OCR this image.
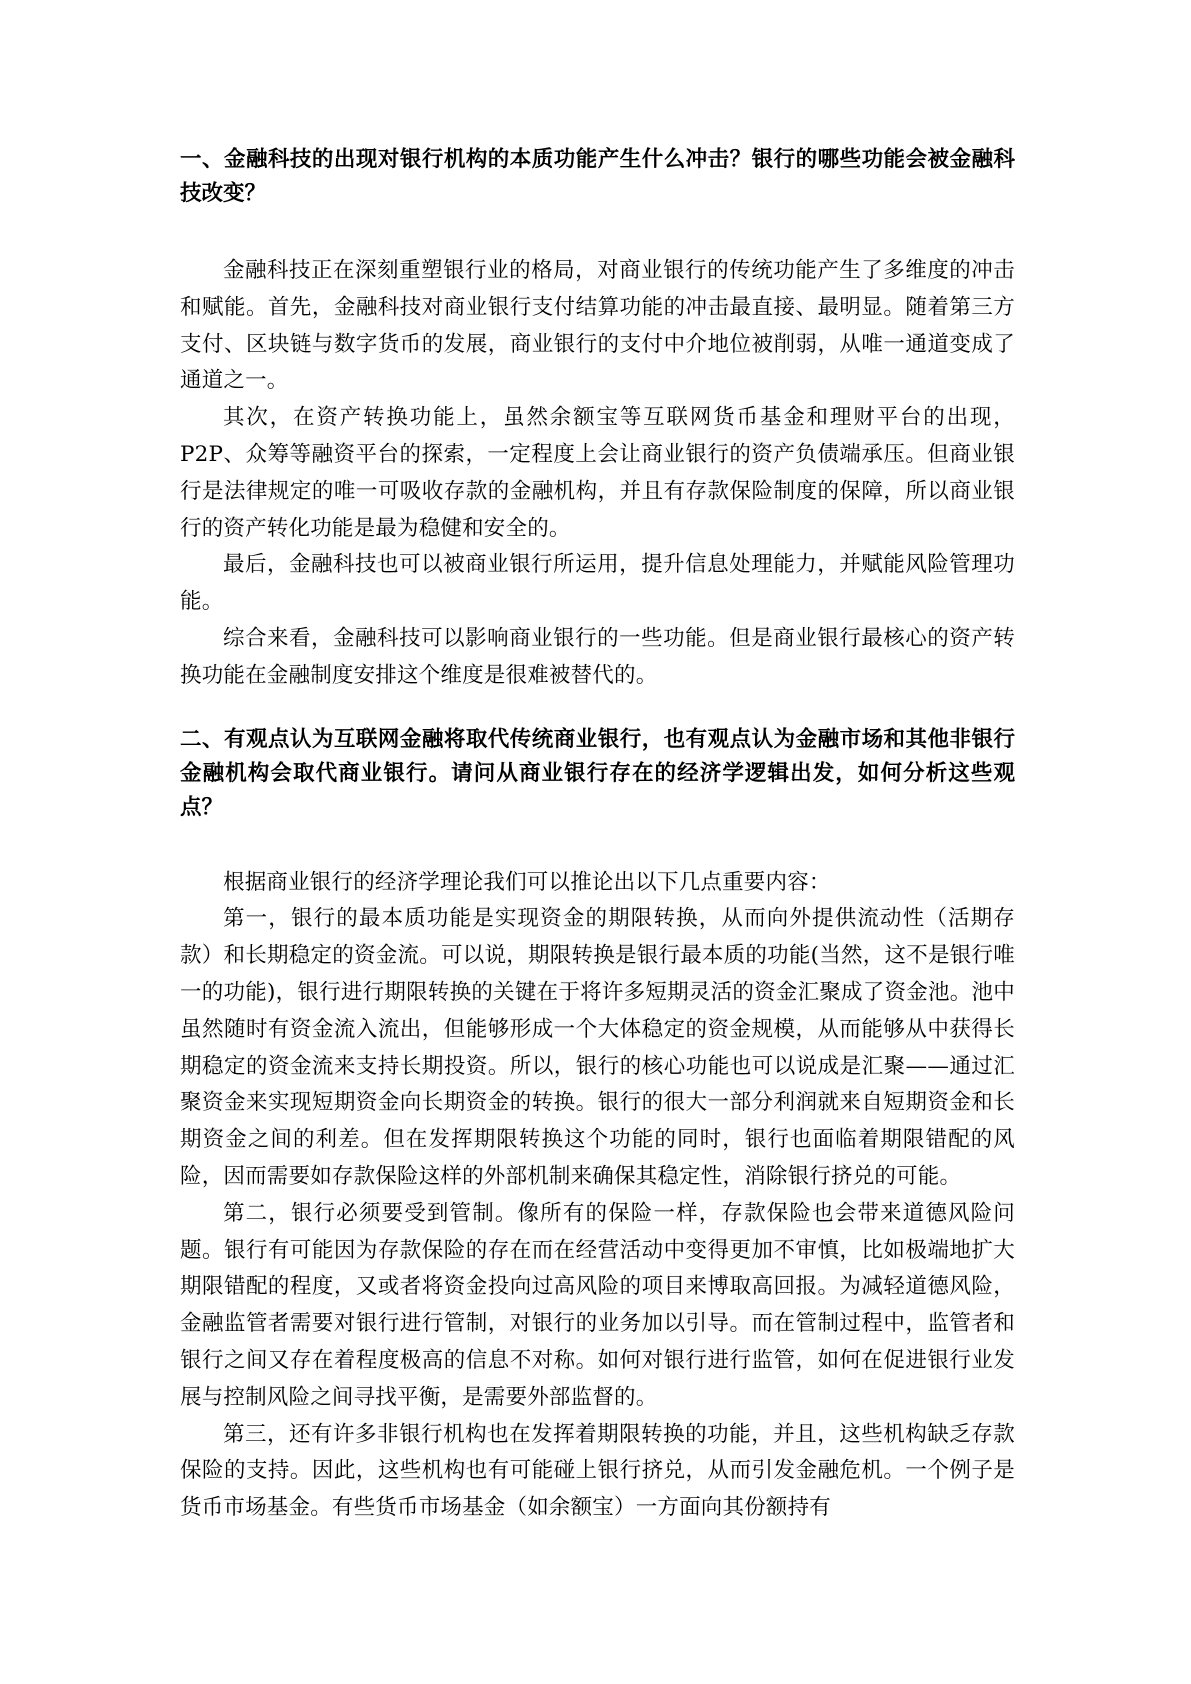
一、金融科技的出现对银行机构的本质功能产生什么冲击？银行的哪些功能会被金融科技改变？

金融科技正在深刻重塑银行业的格局，对商业银行的传统功能产生了多维度的冲击和赋能。首先，金融科技对商业银行支付结算功能的冲击最直接、最明显。随着第三方支付、区块链与数字货币的发展，商业银行的支付中介地位被削弱，从唯一通道变成了通道之一。

其次，在资产转换功能上，虽然余额宝等互联网货币基金和理财平台的出现，P2P、众筹等融资平台的探索，一定程度上会让商业银行的资产负债端承压。但商业银行是法律规定的唯一可吸收存款的金融机构，并且有存款保险制度的保障，所以商业银行的资产转化功能是最为稳健和安全的。

最后，金融科技也可以被商业银行所运用，提升信息处理能力，并赋能风险管理功能。

综合来看，金融科技可以影响商业银行的一些功能。但是商业银行最核心的资产转换功能在金融制度安排这个维度是很难被替代的。

二、有观点认为互联网金融将取代传统商业银行，也有观点认为金融市场和其他非银行金融机构会取代商业银行。请问从商业银行存在的经济学逻辑出发，如何分析这些观点？

根据商业银行的经济学理论我们可以推论出以下几点重要内容：

第一，银行的最本质功能是实现资金的期限转换，从而向外提供流动性（活期存款）和长期稳定的资金流。可以说，期限转换是银行最本质的功能(当然，这不是银行唯一的功能)，银行进行期限转换的关键在于将许多短期灵活的资金汇聚成了资金池。池中虽然随时有资金流入流出，但能够形成一个大体稳定的资金规模，从而能够从中获得长期稳定的资金流来支持长期投资。所以，银行的核心功能也可以说成是汇聚——通过汇聚资金来实现短期资金向长期资金的转换。银行的很大一部分利润就来自短期资金和长期资金之间的利差。但在发挥期限转换这个功能的同时，银行也面临着期限错配的风险，因而需要如存款保险这样的外部机制来确保其稳定性，消除银行挤兑的可能。

第二，银行必须要受到管制。像所有的保险一样，存款保险也会带来道德风险问题。银行有可能因为存款保险的存在而在经营活动中变得更加不审慎，比如极端地扩大期限错配的程度，又或者将资金投向过高风险的项目来博取高回报。为减轻道德风险，金融监管者需要对银行进行管制，对银行的业务加以引导。而在管制过程中，监管者和银行之间又存在着程度极高的信息不对称。如何对银行进行监管，如何在促进银行业发展与控制风险之间寻找平衡，是需要外部监督的。

第三，还有许多非银行机构也在发挥着期限转换的功能，并且，这些机构缺乏存款保险的支持。因此，这些机构也有可能碰上银行挤兑，从而引发金融危机。一个例子是货币市场基金。有些货币市场基金（如余额宝）一方面向其份额持有
